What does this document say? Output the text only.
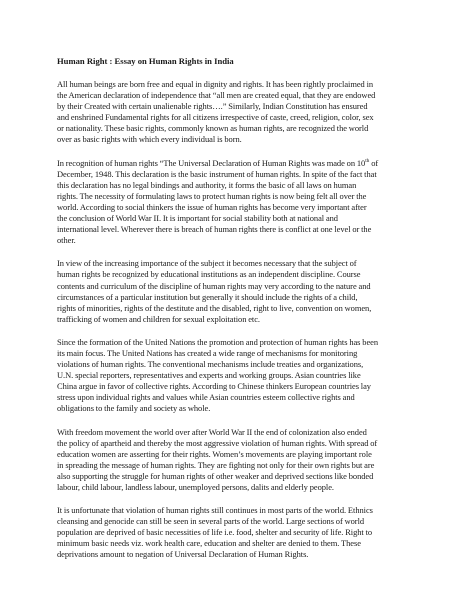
Human Right : Essay on Human Rights in India
All human beings are born free and equal in dignity and rights. It has been rightly proclaimed in
the American declaration of independence that “all men are created equal, that they are endowed
by their Created with certain unalienable rights….” Similarly, Indian Constitution has ensured
and enshrined Fundamental rights for all citizens irrespective of caste, creed, religion, color, sex
or nationality. These basic rights, commonly known as human rights, are recognized the world
over as basic rights with which every individual is born.
In recognition of human rights “The Universal Declaration of Human Rights was made on 10th of
December, 1948. This declaration is the basic instrument of human rights. In spite of the fact that
this declaration has no legal bindings and authority, it forms the basic of all laws on human
rights. The necessity of formulating laws to protect human rights is now being felt all over the
world. According to social thinkers the issue of human rights has become very important after
the conclusion of World War II. It is important for social stability both at national and
international level. Wherever there is breach of human rights there is conflict at one level or the
other.
In view of the increasing importance of the subject it becomes necessary that the subject of
human rights be recognized by educational institutions as an independent discipline. Course
contents and curriculum of the discipline of human rights may very according to the nature and
circumstances of a particular institution but generally it should include the rights of a child,
rights of minorities, rights of the destitute and the disabled, right to live, convention on women,
trafficking of women and children for sexual exploitation etc.
Since the formation of the United Nations the promotion and protection of human rights has been
its main focus. The United Nations has created a wide range of mechanisms for monitoring
violations of human rights. The conventional mechanisms include treaties and organizations,
U.N. special reporters, representatives and experts and working groups. Asian countries like
China argue in favor of collective rights. According to Chinese thinkers European countries lay
stress upon individual rights and values while Asian countries esteem collective rights and
obligations to the family and society as whole.
With freedom movement the world over after World War II the end of colonization also ended
the policy of apartheid and thereby the most aggressive violation of human rights. With spread of
education women are asserting for their rights. Women’s movements are playing important role
in spreading the message of human rights. They are fighting not only for their own rights but are
also supporting the struggle for human rights of other weaker and deprived sections like bonded
labour, child labour, landless labour, unemployed persons, dalits and elderly people.
It is unfortunate that violation of human rights still continues in most parts of the world. Ethnics
cleansing and genocide can still be seen in several parts of the world. Large sections of world
population are deprived of basic necessities of life i.e. food, shelter and security of life. Right to
minimum basic needs viz. work health care, education and shelter are denied to them. These
deprivations amount to negation of Universal Declaration of Human Rights.
